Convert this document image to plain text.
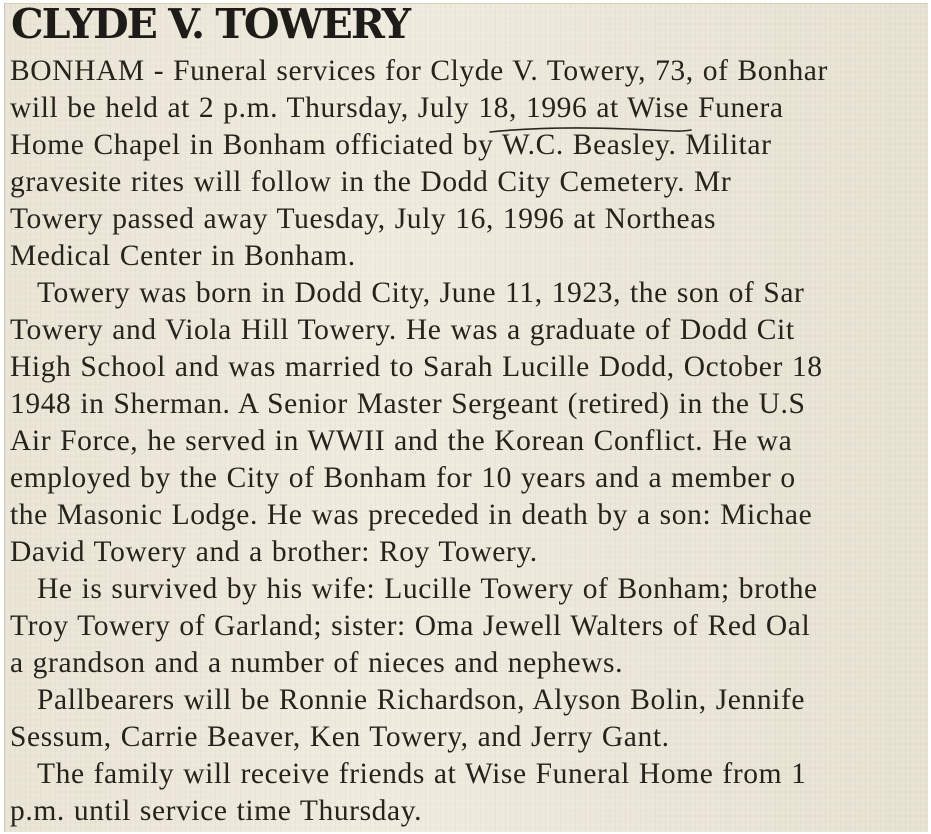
CLYDE V. TOWERY
BONHAM - Funeral services for Clyde V. Towery, 73, of Bonhar
will be held at 2 p.m. Thursday, July 18, 1996 at Wise Funera
Home Chapel in Bonham officiated by W.C. Beasley. Militar
gravesite rites will follow in the Dodd City Cemetery. Mr
Towery passed away Tuesday, July 16, 1996 at Northeas
Medical Center in Bonham.
Towery was born in Dodd City, June 11, 1923, the son of Sar
Towery and Viola Hill Towery. He was a graduate of Dodd Cit
High School and was married to Sarah Lucille Dodd, October 18
1948 in Sherman. A Senior Master Sergeant (retired) in the U.S
Air Force, he served in WWII and the Korean Conflict. He wa
employed by the City of Bonham for 10 years and a member o
the Masonic Lodge. He was preceded in death by a son: Michae
David Towery and a brother: Roy Towery.
He is survived by his wife: Lucille Towery of Bonham; brothe
Troy Towery of Garland; sister: Oma Jewell Walters of Red Oal
a grandson and a number of nieces and nephews.
Pallbearers will be Ronnie Richardson, Alyson Bolin, Jennife
Sessum, Carrie Beaver, Ken Towery, and Jerry Gant.
The family will receive friends at Wise Funeral Home from 1
p.m. until service time Thursday.
